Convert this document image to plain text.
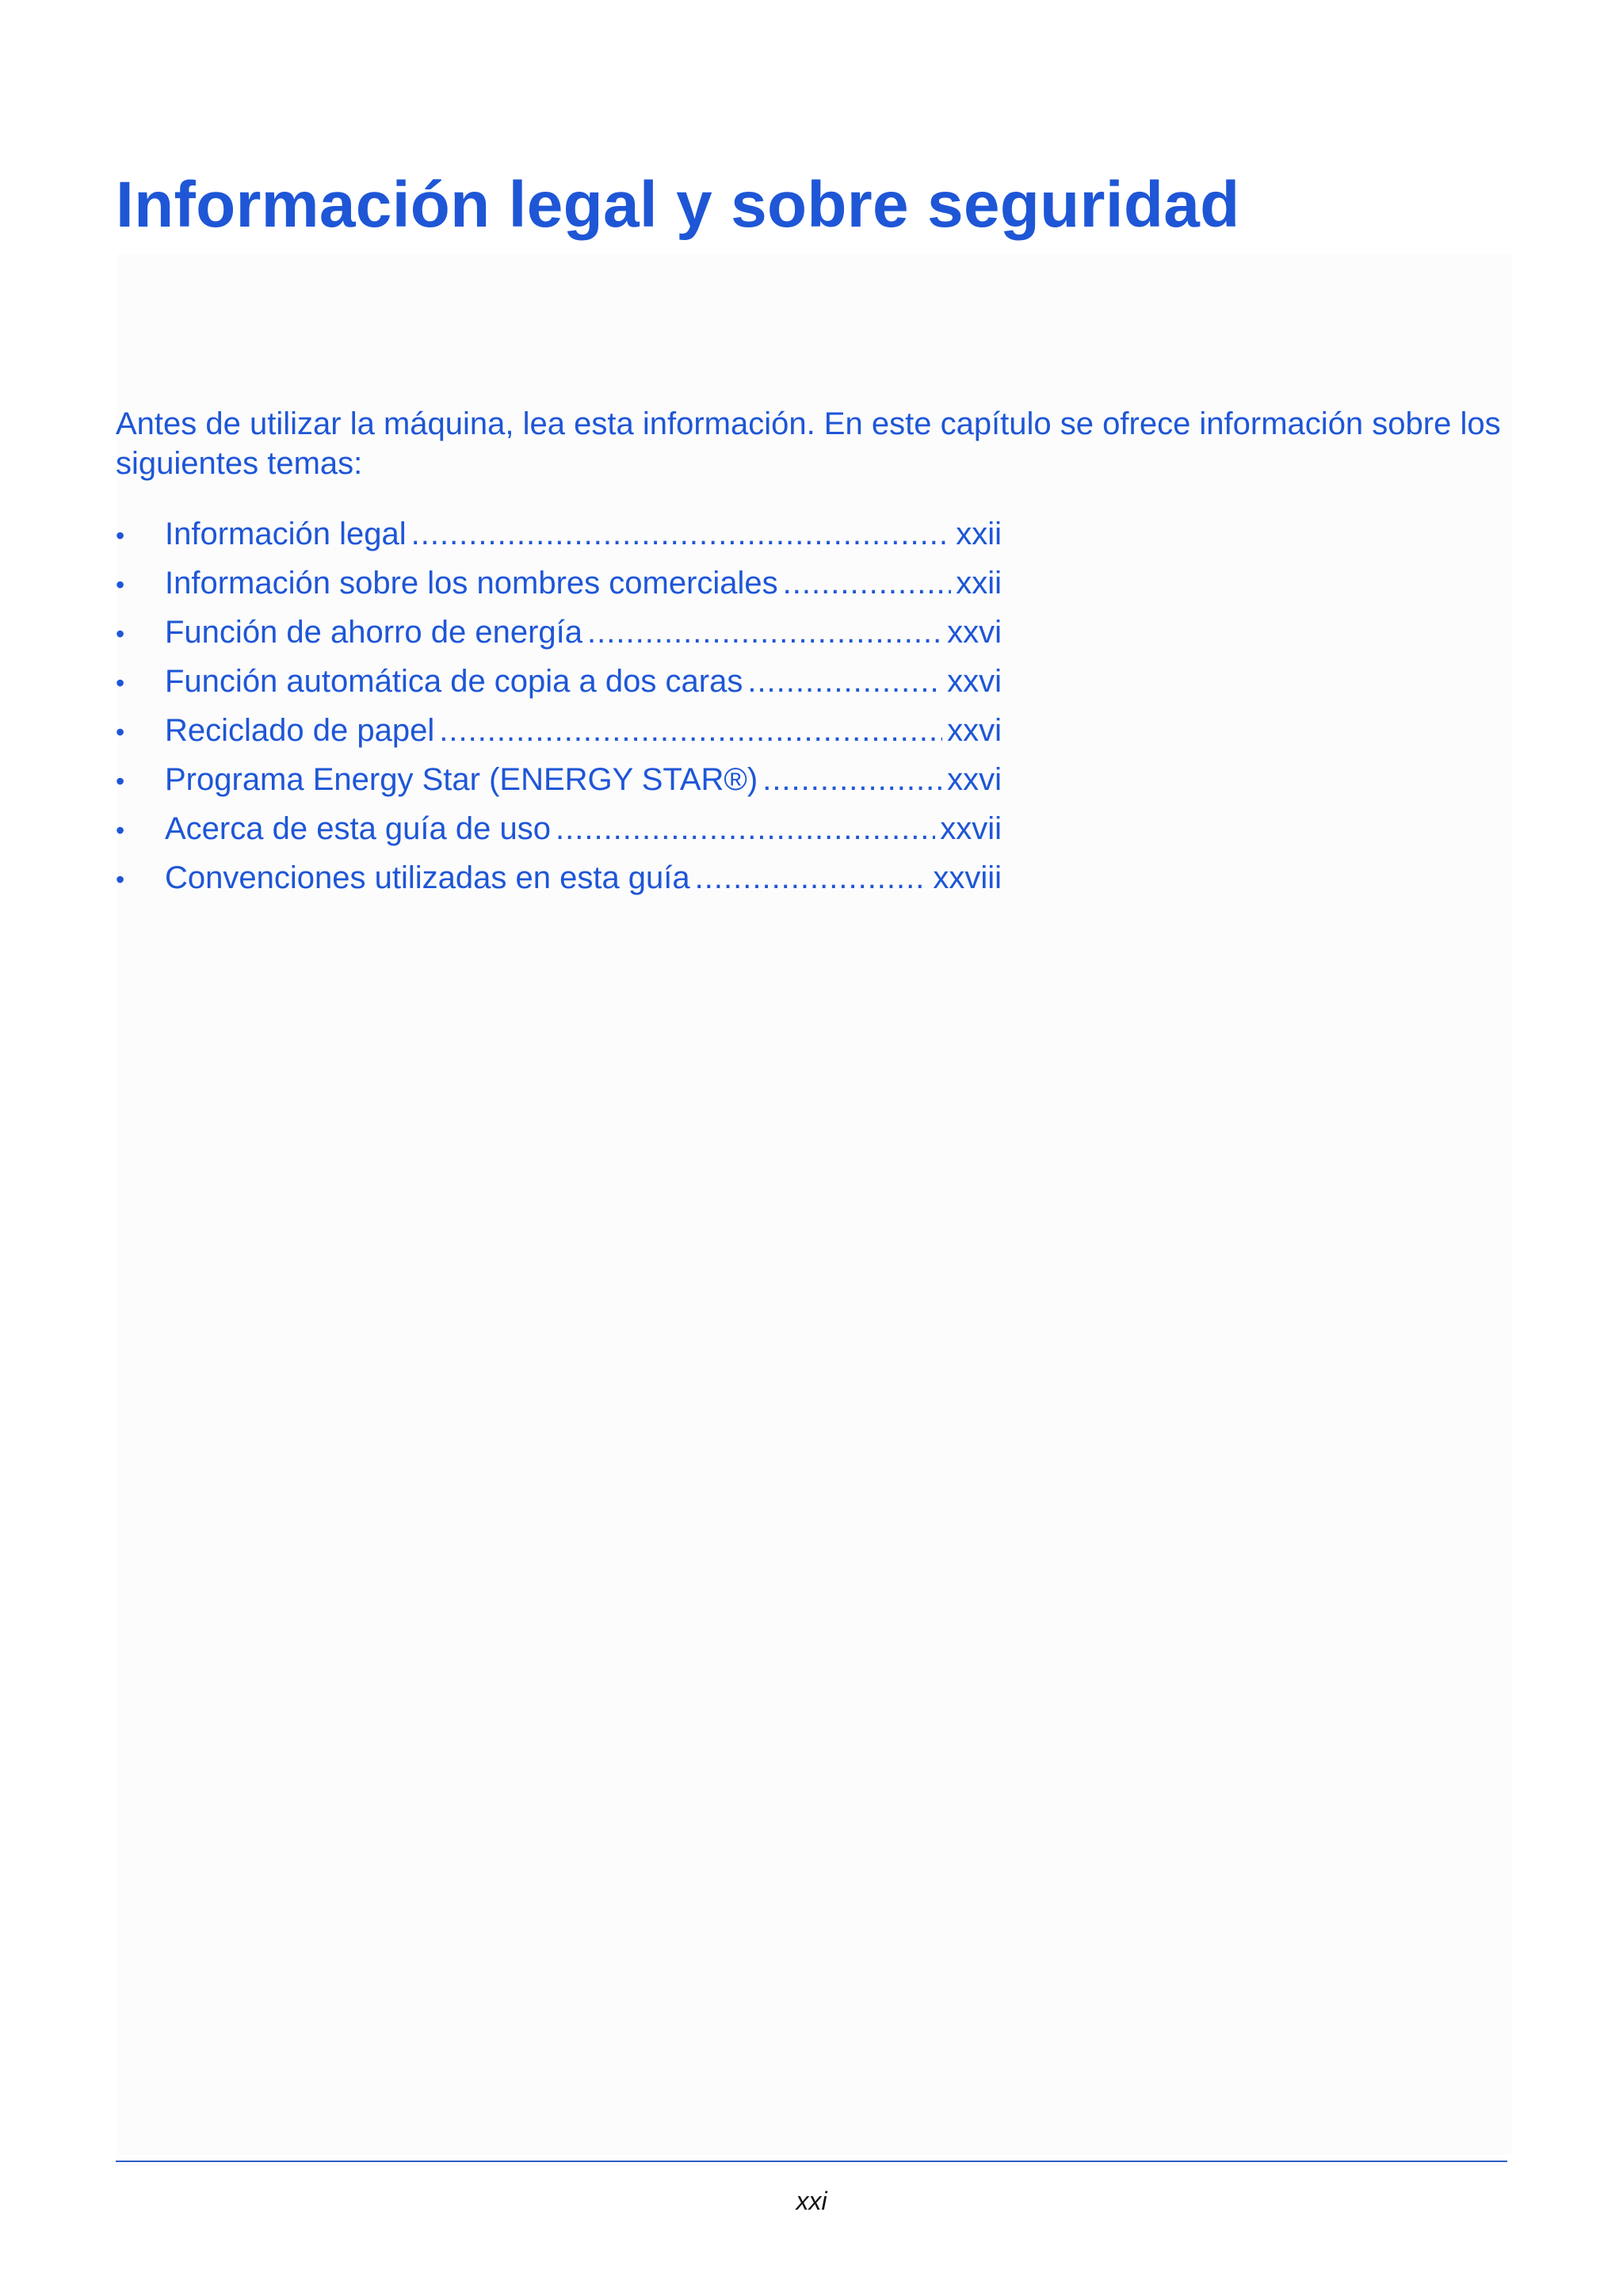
Información legal y sobre seguridad

Antes de utilizar la máquina, lea esta información. En este capítulo se ofrece información sobre los siguientes temas:

•	Información legal .....	xxii
•	Información sobre los nombres comerciales .....	xxii
•	Función de ahorro de energía .....	xxvi
•	Función automática de copia a dos caras .....	xxvi
•	Reciclado de papel .....	xxvi
•	Programa Energy Star (ENERGY STAR®) .....	xxvi
•	Acerca de esta guía de uso .....	xxvii
•	Convenciones utilizadas en esta guía .....	xxviii
xxi
